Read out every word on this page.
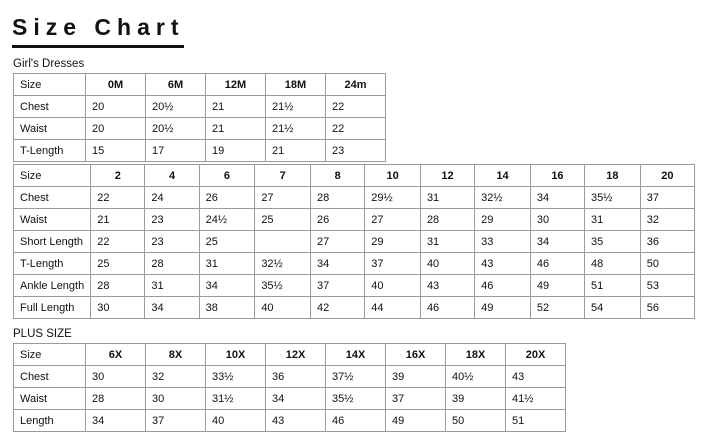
Size Chart
Girl's Dresses
Size	0M	6M	12M	18M	24m
Chest	20	20½	21	21½	22
Waist	20	20½	21	21½	22
T-Length	15	17	19	21	23
Size	2	4	6	7	8	10	12	14	16	18	20
Chest	22	24	26	27	28	29½	31	32½	34	35½	37
Waist	21	23	24½	25	26	27	28	29	30	31	32
Short Length	22	23	25		27	29	31	33	34	35	36
T-Length	25	28	31	32½	34	37	40	43	46	48	50
Ankle Length	28	31	34	35½	37	40	43	46	49	51	53
Full Length	30	34	38	40	42	44	46	49	52	54	56
PLUS SIZE
Size	6X	8X	10X	12X	14X	16X	18X	20X
Chest	30	32	33½	36	37½	39	40½	43
Waist	28	30	31½	34	35½	37	39	41½
Length	34	37	40	43	46	49	50	51
